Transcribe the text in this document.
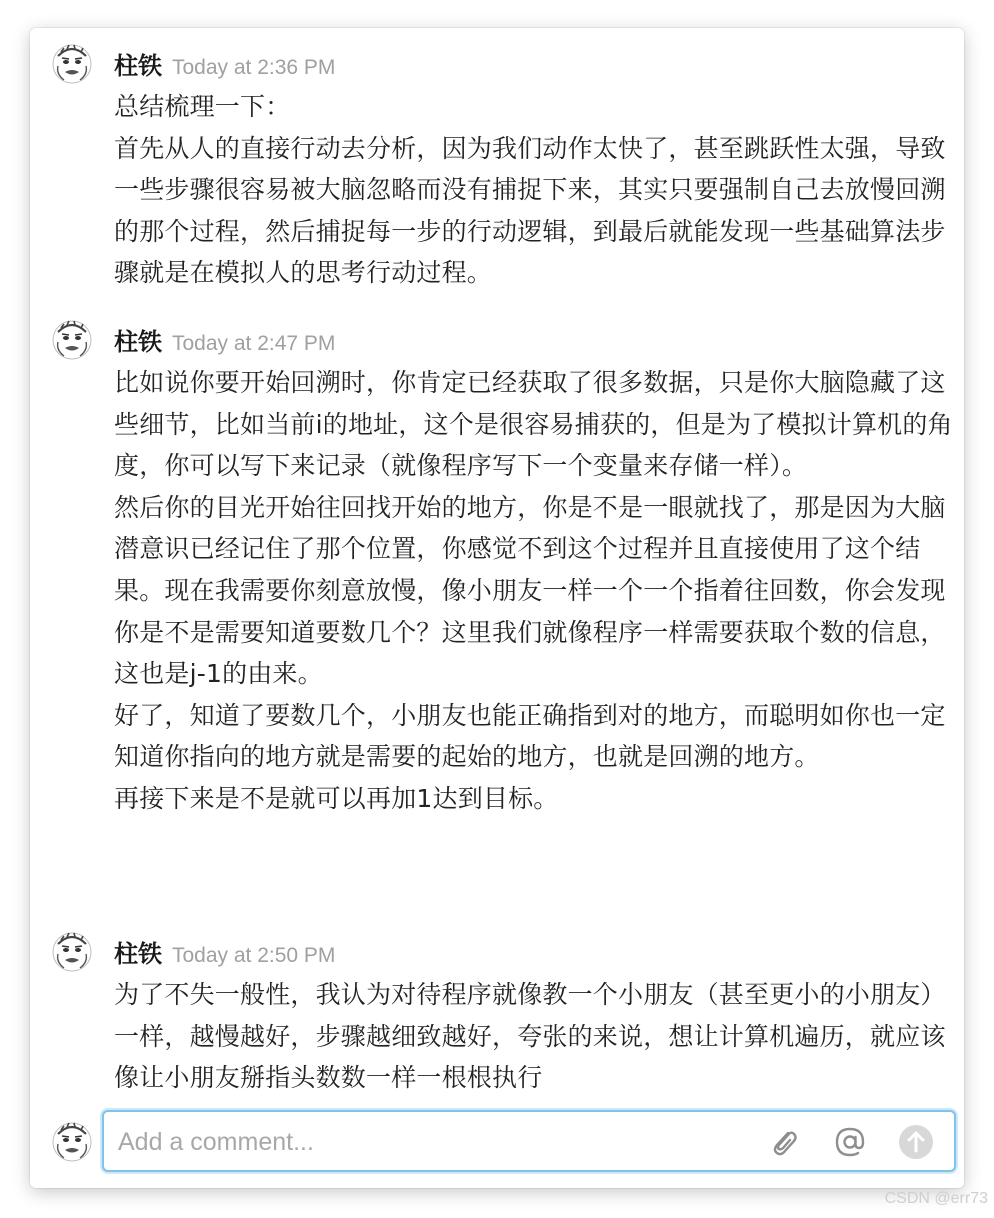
柱铁 Today at 2:36 PM

总结梳理一下：

首先从人的直接行动去分析，因为我们动作太快了，甚至跳跃性太强，导致一些步骤很容易被大脑忽略而没有捕捉下来，其实只要强制自己去放慢回溯的那个过程，然后捕捉每一步的行动逻辑，到最后就能发现一些基础算法步骤就是在模拟人的思考行动过程。

柱铁 Today at 2:47 PM

比如说你要开始回溯时，你肯定已经获取了很多数据，只是你大脑隐藏了这些细节，比如当前i的地址，这个是很容易捕获的，但是为了模拟计算机的角度，你可以写下来记录（就像程序写下一个变量来存储一样）。

然后你的目光开始往回找开始的地方，你是不是一眼就找了，那是因为大脑潜意识已经记住了那个位置，你感觉不到这个过程并且直接使用了这个结果。现在我需要你刻意放慢，像小朋友一样一个一个指着往回数，你会发现你是不是需要知道要数几个？这里我们就像程序一样需要获取个数的信息，这也是j-1的由来。

好了，知道了要数几个，小朋友也能正确指到对的地方，而聪明如你也一定知道你指向的地方就是需要的起始的地方，也就是回溯的地方。

再接下来是不是就可以再加1达到目标。

柱铁 Today at 2:50 PM

为了不失一般性，我认为对待程序就像教一个小朋友（甚至更小的小朋友）一样，越慢越好，步骤越细致越好，夸张的来说，想让计算机遍历，就应该像让小朋友掰指头数数一样一根根执行

Add a comment...
CSDN @err73
